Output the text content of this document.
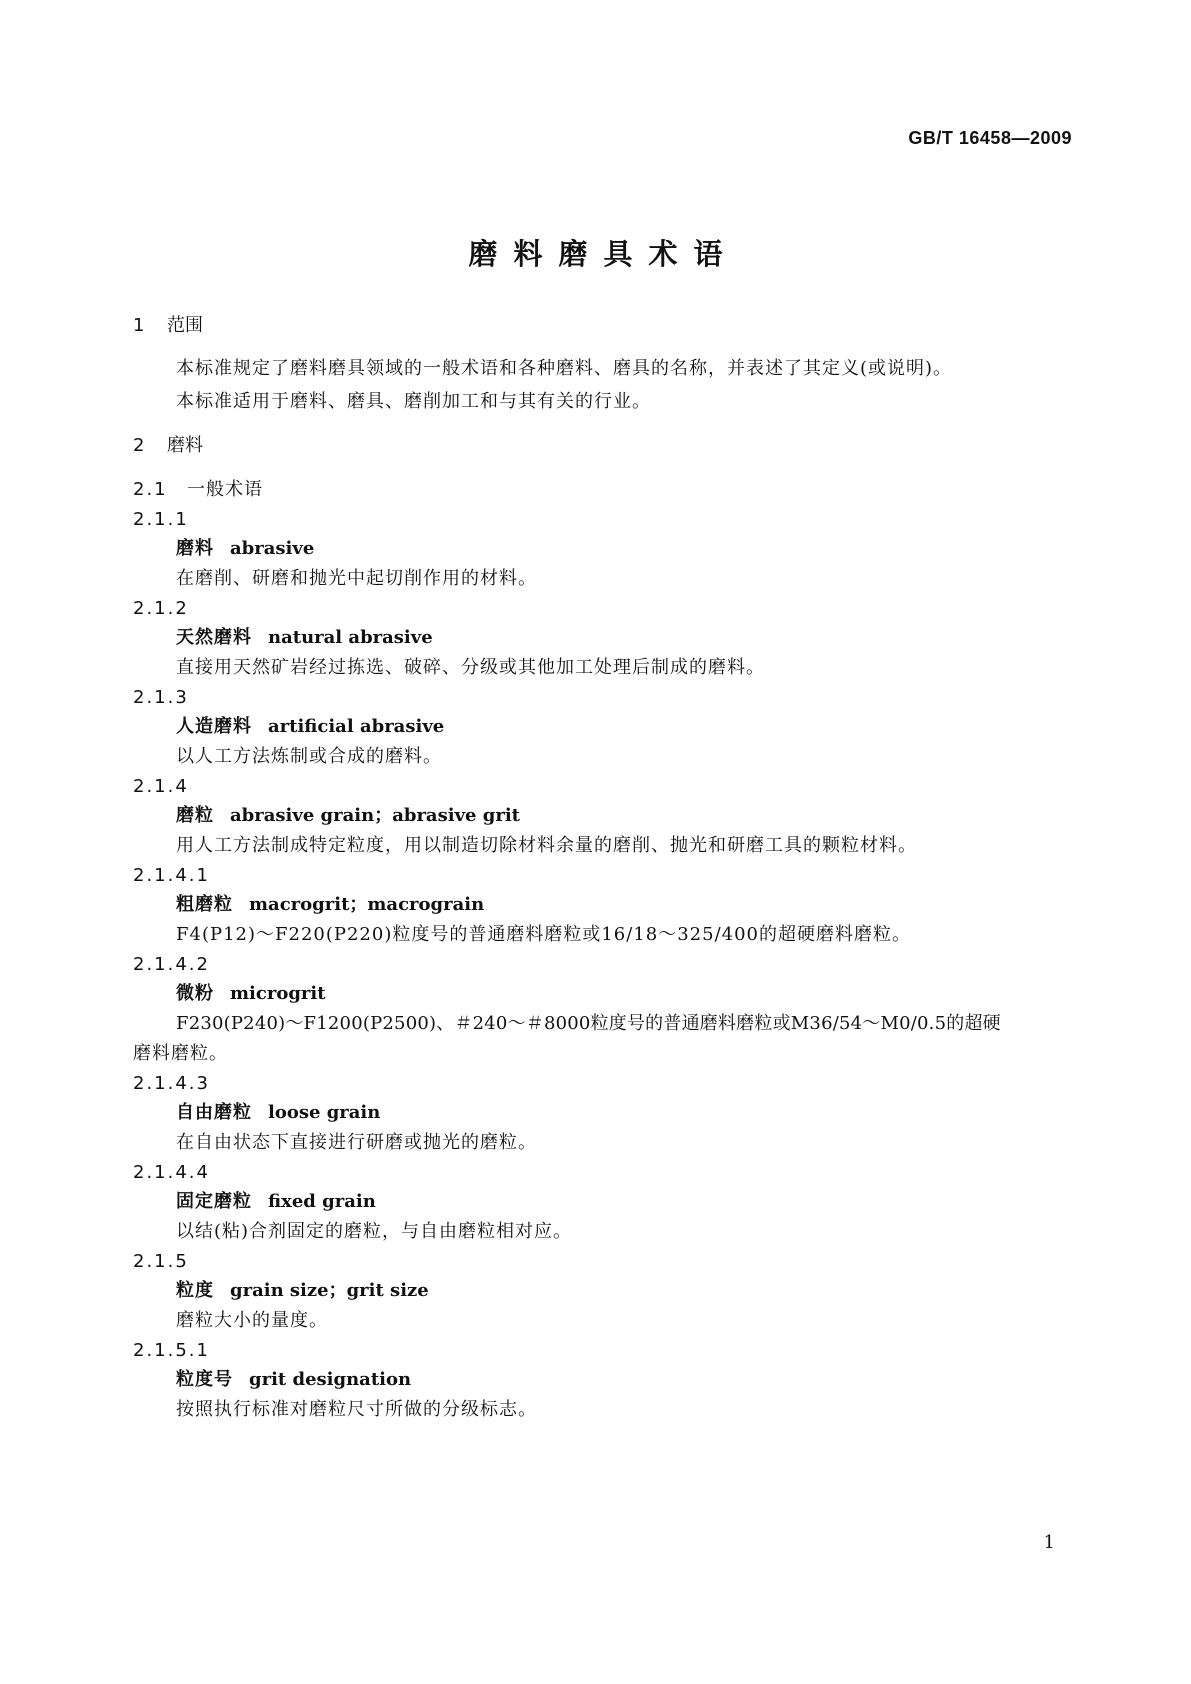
GB/T 16458—2009
磨料磨具术语
1 范围
本标准规定了磨料磨具领域的一般术语和各种磨料、磨具的名称，并表述了其定义(或说明)。
本标准适用于磨料、磨具、磨削加工和与其有关的行业。
2 磨料
2.1 一般术语
2.1.1
磨料 abrasive
在磨削、研磨和抛光中起切削作用的材料。
2.1.2
天然磨料 natural abrasive
直接用天然矿岩经过拣选、破碎、分级或其他加工处理后制成的磨料。
2.1.3
人造磨料 artificial abrasive
以人工方法炼制或合成的磨料。
2.1.4
磨粒 abrasive grain；abrasive grit
用人工方法制成特定粒度，用以制造切除材料余量的磨削、抛光和研磨工具的颗粒材料。
2.1.4.1
粗磨粒 macrogrit；macrograin
F4(P12)～F220(P220)粒度号的普通磨料磨粒或16/18～325/400的超硬磨料磨粒。
2.1.4.2
微粉 microgrit
F230(P240)～F1200(P2500)、＃240～＃8000粒度号的普通磨料磨粒或M36/54～M0/0.5的超硬
磨料磨粒。
2.1.4.3
自由磨粒 loose grain
在自由状态下直接进行研磨或抛光的磨粒。
2.1.4.4
固定磨粒 fixed grain
以结(粘)合剂固定的磨粒，与自由磨粒相对应。
2.1.5
粒度 grain size；grit size
磨粒大小的量度。
2.1.5.1
粒度号 grit designation
按照执行标准对磨粒尺寸所做的分级标志。
1
